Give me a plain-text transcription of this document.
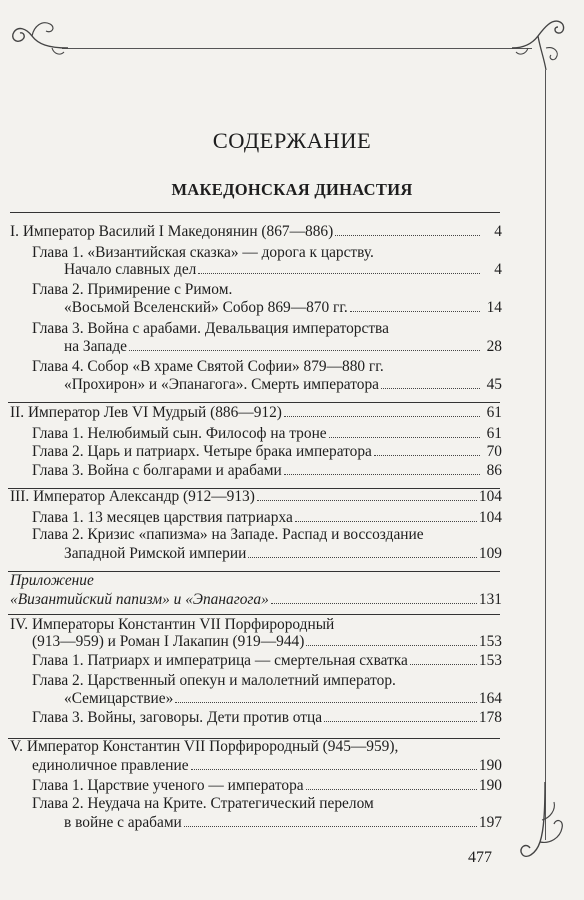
СОДЕРЖАНИЕ
МАКЕДОНСКАЯ ДИНАСТИЯ
I. Император Василий I Македонянин (867—886)	4
Глава 1. «Византийская сказка» — дорога к царству.
Начало славных дел	4
Глава 2. Примирение с Римом.
«Восьмой Вселенский» Собор 869—870 гг.	14
Глава 3. Война с арабами. Девальвация императорства
на Западе	28
Глава 4. Собор «В храме Святой Софии» 879—880 гг.
«Прохирон» и «Эпанагога». Смерть императора	45
II. Император Лев VI Мудрый (886—912)	61
Глава 1. Нелюбимый сын. Философ на троне	61
Глава 2. Царь и патриарх. Четыре брака императора	70
Глава 3. Война с болгарами и арабами	86
III. Император Александр (912—913)	104
Глава 1. 13 месяцев царствия патриарха	104
Глава 2. Кризис «папизма» на Западе. Распад и воссоздание
Западной Римской империи	109
Приложение
«Византийский папизм» и «Эпанагога»	131
IV. Императоры Константин VII Порфирородный
(913—959) и Роман I Лакапин (919—944)	153
Глава 1. Патриарх и императрица — смертельная схватка	153
Глава 2. Царственный опекун и малолетний император.
«Семицарствие»	164
Глава 3. Войны, заговоры. Дети против отца	178
V. Император Константин VII Порфирородный (945—959),
единоличное правление	190
Глава 1. Царствие ученого — императора	190
Глава 2. Неудача на Крите. Стратегический перелом
в войне с арабами	197
477
